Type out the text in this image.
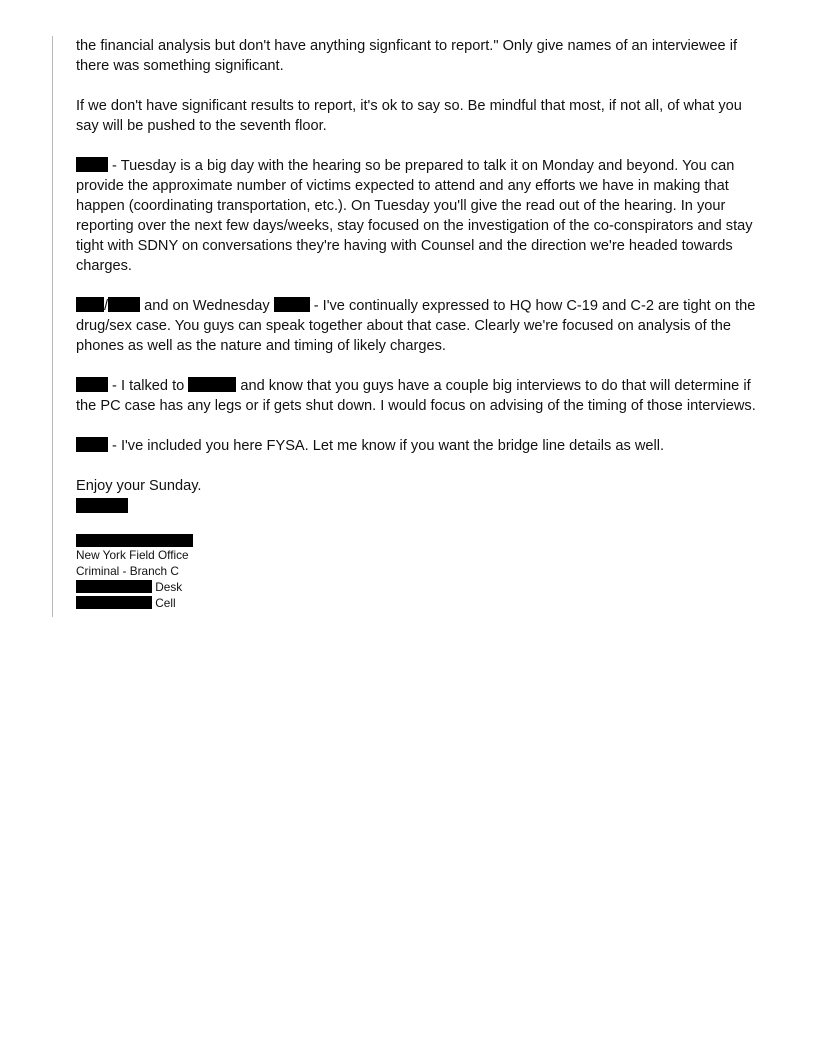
the financial analysis but don't have anything signficant to report." Only give names of an interviewee if there was something significant.
If we don't have significant results to report, it's ok to say so. Be mindful that most, if not all, of what you say will be pushed to the seventh floor.
- Tuesday is a big day with the hearing so be prepared to talk it on Monday and beyond. You can provide the approximate number of victims expected to attend and any efforts we have in making that happen (coordinating transportation, etc.). On Tuesday you'll give the read out of the hearing. In your reporting over the next few days/weeks, stay focused on the investigation of the co-conspirators and stay tight with SDNY on conversations they're having with Counsel and the direction we're headed towards charges.
/ and on Wednesday  - I've continually expressed to HQ how C-19 and C-2 are tight on the drug/sex case. You guys can speak together about that case. Clearly we're focused on analysis of the phones as well as the nature and timing of likely charges.
- I talked to	and know that you guys have a couple big interviews to do that will determine if the PC case has any legs or if gets shut down. I would focus on advising of the timing of those interviews.
- I've included you here FYSA. Let me know if you want the bridge line details as well.
Enjoy your Sunday.
New York Field Office
Criminal - Branch C
Desk
Cell
